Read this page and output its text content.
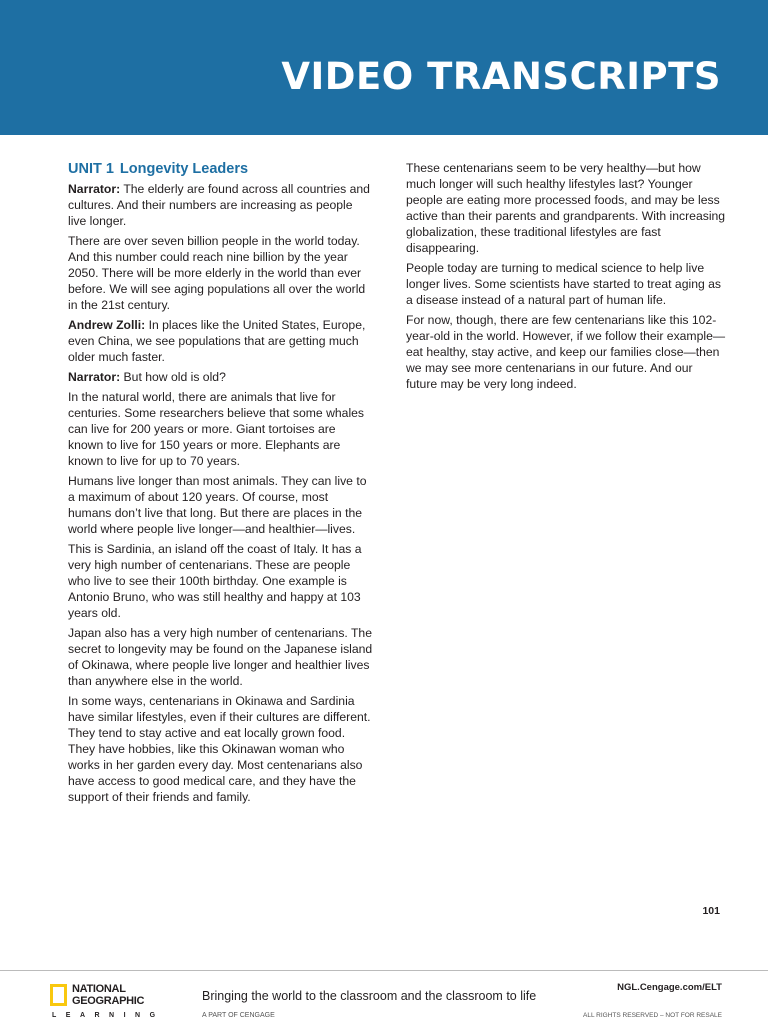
VIDEO TRANSCRIPTS
UNIT 1 Longevity Leaders

Narrator: The elderly are found across all countries and cultures. And their numbers are increasing as people live longer.

There are over seven billion people in the world today. And this number could reach nine billion by the year 2050. There will be more elderly in the world than ever before. We will see aging populations all over the world in the 21st century.

Andrew Zolli: In places like the United States, Europe, even China, we see populations that are getting much older much faster.

Narrator: But how old is old?

In the natural world, there are animals that live for centuries. Some researchers believe that some whales can live for 200 years or more. Giant tortoises are known to live for 150 years or more. Elephants are known to live for up to 70 years.

Humans live longer than most animals. They can live to a maximum of about 120 years. Of course, most humans don’t live that long. But there are places in the world where people live longer—and healthier—lives.

This is Sardinia, an island off the coast of Italy. It has a very high number of centenarians. These are people who live to see their 100th birthday. One example is Antonio Bruno, who was still healthy and happy at 103 years old.

Japan also has a very high number of centenarians. The secret to longevity may be found on the Japanese island of Okinawa, where people live longer and healthier lives than anywhere else in the world.

In some ways, centenarians in Okinawa and Sardinia have similar lifestyles, even if their cultures are different. They tend to stay active and eat locally grown food. They have hobbies, like this Okinawan woman who works in her garden every day. Most centenarians also have access to good medical care, and they have the support of their friends and family.

These centenarians seem to be very healthy—but how much longer will such healthy lifestyles last? Younger people are eating more processed foods, and may be less active than their parents and grandparents. With increasing globalization, these traditional lifestyles are fast disappearing.

People today are turning to medical science to help live longer lives. Some scientists have started to treat aging as a disease instead of a natural part of human life.

For now, though, there are few centenarians like this 102-year-old in the world. However, if we follow their example—eat healthy, stay active, and keep our families close—then we may see more centenarians in our future. And our future may be very long indeed.

101
NATIONAL
GEOGRAPHIC
LEARNING
Bringing the world to the classroom and the classroom to life
A PART OF CENGAGE
NGL.Cengage.com/ELT
ALL RIGHTS RESERVED – NOT FOR RESALE
